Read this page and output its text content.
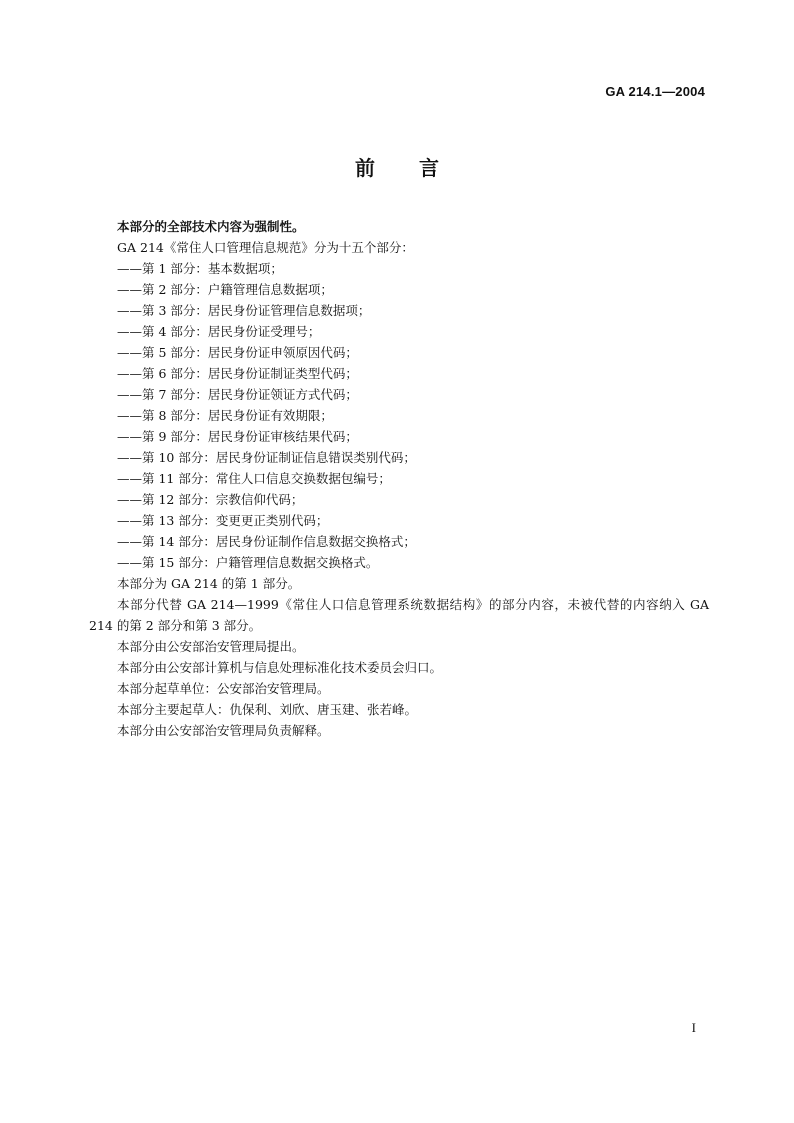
GA 214.1—2004
前 言

本部分的全部技术内容为强制性。

GA 214《常住人口管理信息规范》分为十五个部分：

——第 1 部分：基本数据项；

——第 2 部分：户籍管理信息数据项；

——第 3 部分：居民身份证管理信息数据项；

——第 4 部分：居民身份证受理号；

——第 5 部分：居民身份证申领原因代码；

——第 6 部分：居民身份证制证类型代码；

——第 7 部分：居民身份证领证方式代码；

——第 8 部分：居民身份证有效期限；

——第 9 部分：居民身份证审核结果代码；

——第 10 部分：居民身份证制证信息错误类别代码；

——第 11 部分：常住人口信息交换数据包编号；

——第 12 部分：宗教信仰代码；

——第 13 部分：变更更正类别代码；

——第 14 部分：居民身份证制作信息数据交换格式；

——第 15 部分：户籍管理信息数据交换格式。

本部分为 GA 214 的第 1 部分。

本部分代替 GA 214—1999《常住人口信息管理系统数据结构》的部分内容，未被代替的内容纳入 GA 214 的第 2 部分和第 3 部分。

本部分由公安部治安管理局提出。

本部分由公安部计算机与信息处理标准化技术委员会归口。

本部分起草单位：公安部治安管理局。

本部分主要起草人：仇保利、刘欣、唐玉建、张若峰。

本部分由公安部治安管理局负责解释。

I
